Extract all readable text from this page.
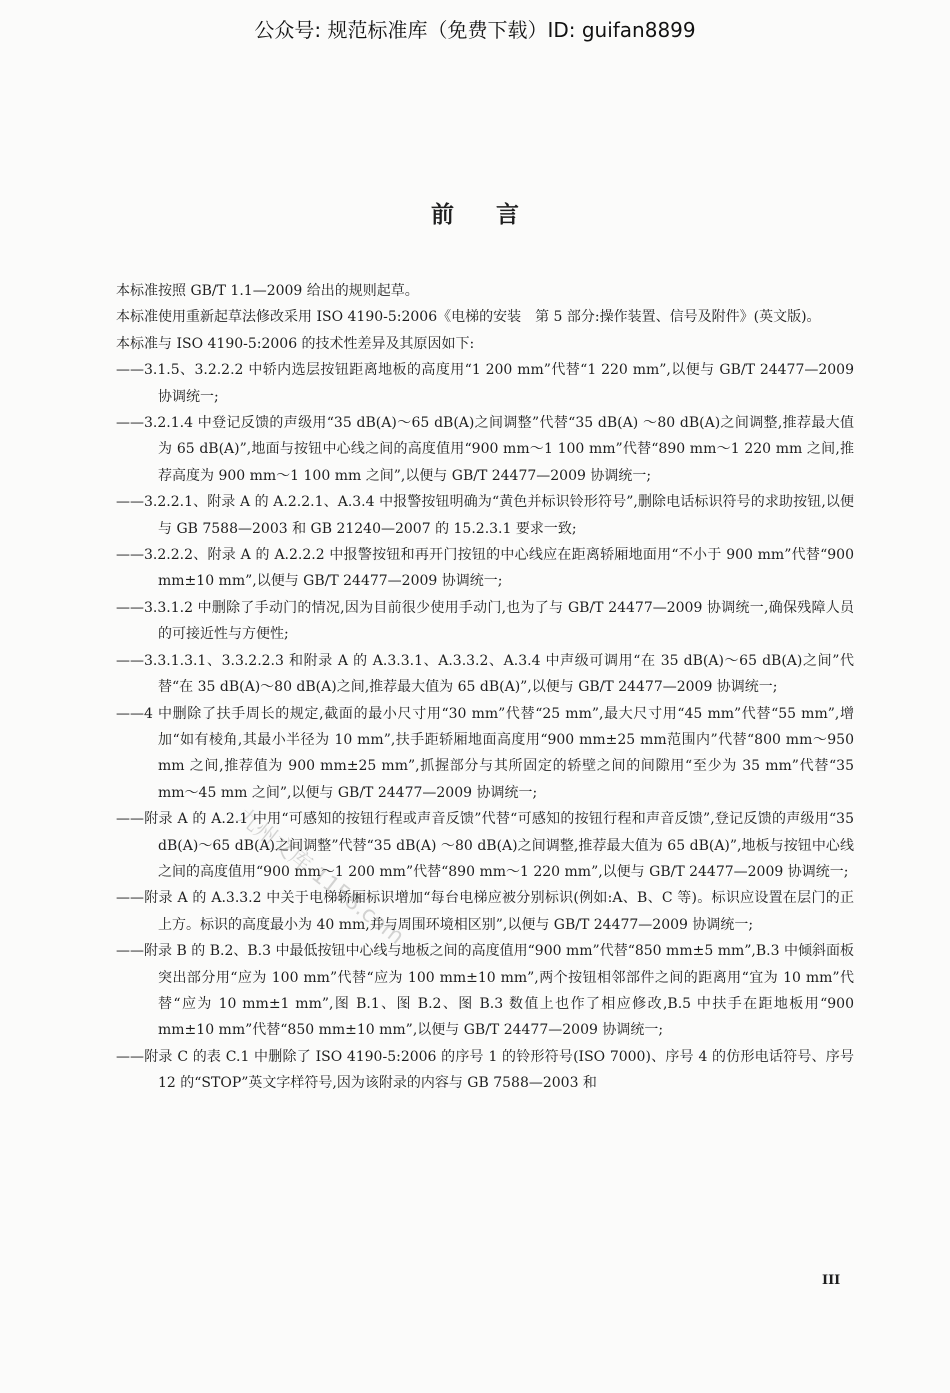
公众号: 规范标准库（免费下载）ID: guifan8899
前言

本标准按照 GB/T 1.1—2009 给出的规则起草。

本标准使用重新起草法修改采用 ISO 4190-5:2006《电梯的安装　第 5 部分:操作装置、信号及附件》(英文版)。

本标准与 ISO 4190-5:2006 的技术性差异及其原因如下:

——3.1.5、3.2.2.2 中轿内选层按钮距离地板的高度用“1 200 mm”代替“1 220 mm”,以便与 GB/T 24477—2009 协调统一;

——3.2.1.4 中登记反馈的声级用“35 dB(A)～65 dB(A)之间调整”代替“35 dB(A) ～80 dB(A)之间调整,推荐最大值为 65 dB(A)”,地面与按钮中心线之间的高度值用“900 mm～1 100 mm”代替“890 mm～1 220 mm 之间,推荐高度为 900 mm～1 100 mm 之间”,以便与 GB/T 24477—2009 协调统一;

——3.2.2.1、附录 A 的 A.2.2.1、A.3.4 中报警按钮明确为“黄色并标识铃形符号”,删除电话标识符号的求助按钮,以便与 GB 7588—2003 和 GB 21240—2007 的 15.2.3.1 要求一致;

——3.2.2.2、附录 A 的 A.2.2.2 中报警按钮和再开门按钮的中心线应在距离轿厢地面用“不小于 900 mm”代替“900 mm±10 mm”,以便与 GB/T 24477—2009 协调统一;

——3.3.1.2 中删除了手动门的情况,因为目前很少使用手动门,也为了与 GB/T 24477—2009 协调统一,确保残障人员的可接近性与方便性;

——3.3.1.3.1、3.3.2.2.3 和附录 A 的 A.3.3.1、A.3.3.2、A.3.4 中声级可调用“在 35 dB(A)～65 dB(A)之间”代替“在 35 dB(A)～80 dB(A)之间,推荐最大值为 65 dB(A)”,以便与 GB/T 24477—2009 协调统一;

——4 中删除了扶手周长的规定,截面的最小尺寸用“30 mm”代替“25 mm”,最大尺寸用“45 mm”代替“55 mm”,增加“如有棱角,其最小半径为 10 mm”,扶手距轿厢地面高度用“900 mm±25 mm范围内”代替“800 mm～950 mm 之间,推荐值为 900 mm±25 mm”,抓握部分与其所固定的轿壁之间的间隙用“至少为 35 mm”代替“35 mm～45 mm 之间”,以便与 GB/T 24477—2009 协调统一;

——附录 A 的 A.2.1 中用“可感知的按钮行程或声音反馈”代替“可感知的按钮行程和声音反馈”,登记反馈的声级用“35 dB(A)～65 dB(A)之间调整”代替“35 dB(A) ～80 dB(A)之间调整,推荐最大值为 65 dB(A)”,地板与按钮中心线之间的高度值用“900 mm～1 200 mm”代替“890 mm～1 220 mm”,以便与 GB/T 24477—2009 协调统一;

——附录 A 的 A.3.3.2 中关于电梯轿厢标识增加“每台电梯应被分别标识(例如:A、B、C 等)。标识应设置在层门的正上方。标识的高度最小为 40 mm,并与周围环境相区别”,以便与 GB/T 24477—2009 协调统一;

——附录 B 的 B.2、B.3 中最低按钮中心线与地板之间的高度值用“900 mm”代替“850 mm±5 mm”,B.3 中倾斜面板突出部分用“应为 100 mm”代替“应为 100 mm±10 mm”,两个按钮相邻部件之间的距离用“宜为 10 mm”代替“应为 10 mm±1 mm”,图 B.1、图 B.2、图 B.3 数值上也作了相应修改,B.5 中扶手在距地板用“900 mm±10 mm”代替“850 mm±10 mm”,以便与 GB/T 24477—2009 协调统一;

——附录 C 的表 C.1 中删除了 ISO 4190-5:2006 的序号 1 的铃形符号(ISO 7000)、序号 4 的仿形电话符号、序号 12 的“STOP”英文字样符号,因为该附录的内容与 GB 7588—2003 和

九州文库 1158.com
III
